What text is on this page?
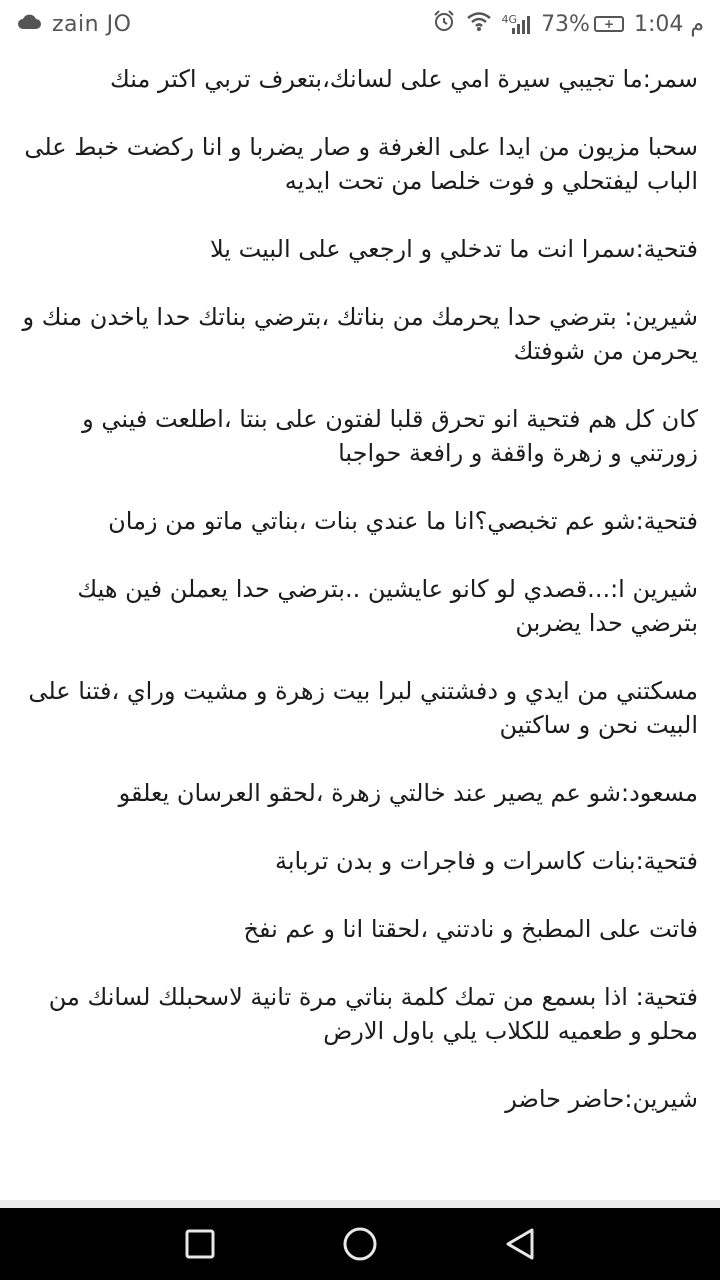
zain JO	4G 73%	+ 1:04 م

سمر:ما تجيبي سيرة امي على لسانك،بتعرف تربي اكتر منك

سحبا مزيون من ايدا على الغرفة و صار يضربا و انا ركضت خبط على الباب ليفتحلي و فوت خلصا من تحت ايديه

فتحية:سمرا انت ما تدخلي و ارجعي على البيت يلا

شيرين: بترضي حدا يحرمك من بناتك ،بترضي بناتك حدا ياخدن منك و يحرمن من شوفتك

كان كل هم فتحية انو تحرق قلبا لفتون على بنتا ،اطلعت فيني و زورتني و زهرة واقفة و رافعة حواجبا

فتحية:شو عم تخبصي؟انا ما عندي بنات ،بناتي ماتو من زمان

شيرين ا:...قصدي لو كانو عايشين ..بترضي حدا يعملن فين هيك بترضي حدا يضربن

مسكتني من ايدي و دفشتني لبرا بيت زهرة و مشيت وراي ،فتنا على البيت نحن و ساكتين

مسعود:شو عم يصير عند خالتي زهرة ،لحقو العرسان يعلقو

فتحية:بنات كاسرات و فاجرات و بدن تربابة

فاتت على المطبخ و نادتني ،لحقتا انا و عم نفخ

فتحية: اذا بسمع من تمك كلمة بناتي مرة تانية لاسحبلك لسانك من محلو و طعميه للكلاب يلي باول الارض

شيرين:حاضر حاضر
